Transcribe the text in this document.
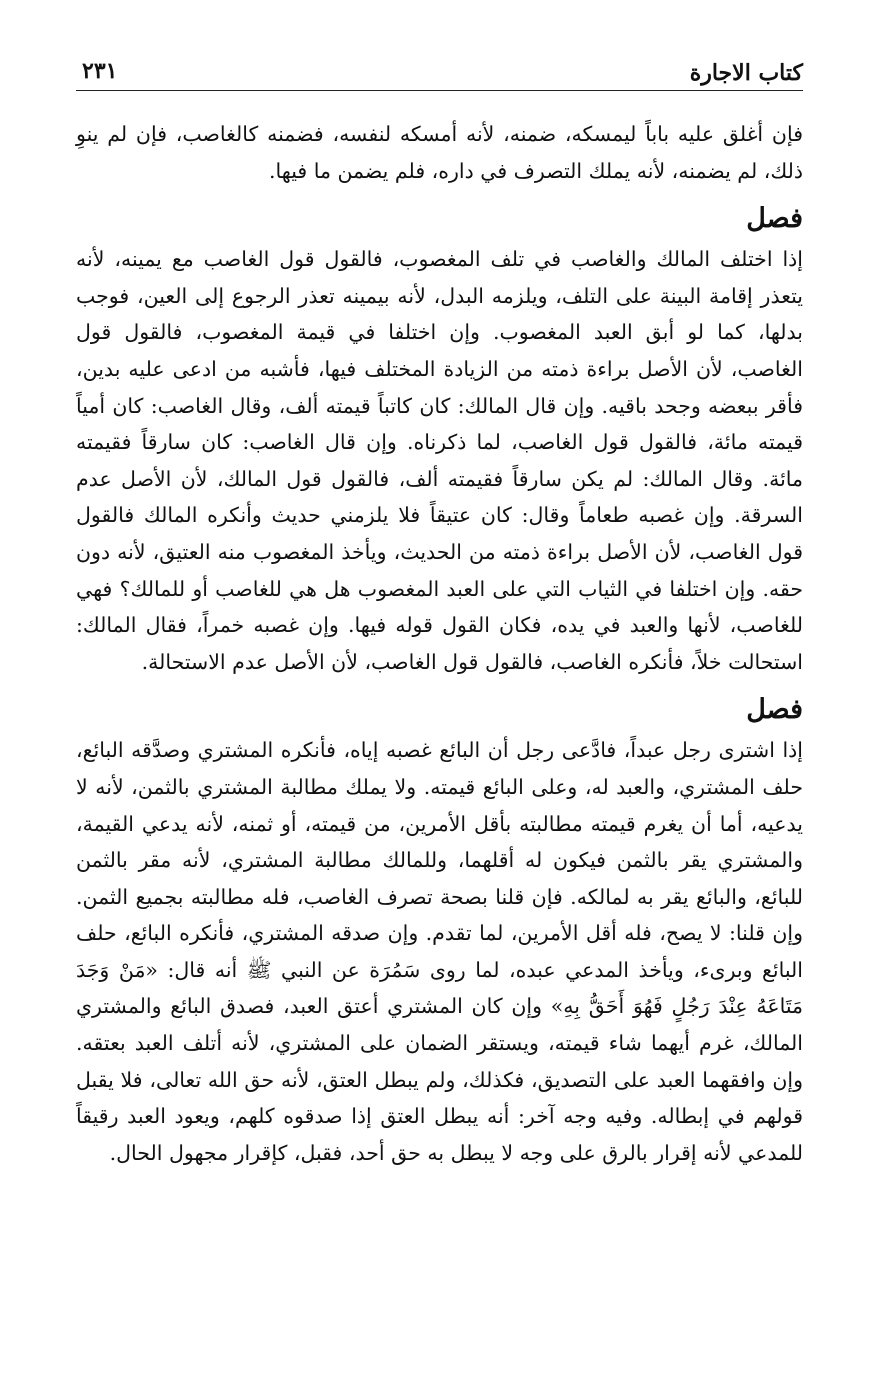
كتاب الاجارة
٢٣١

فإن أغلق عليه باباً ليمسكه، ضمنه، لأنه أمسكه لنفسه، فضمنه كالغاصب، فإن لم ينوِ ذلك، لم يضمنه، لأنه يملك التصرف في داره، فلم يضمن ما فيها.

فصل

إذا اختلف المالك والغاصب في تلف المغصوب، فالقول قول الغاصب مع يمينه، لأنه يتعذر إقامة البينة على التلف، ويلزمه البدل، لأنه بيمينه تعذر الرجوع إلى العين، فوجب بدلها، كما لو أبق العبد المغصوب. وإن اختلفا في قيمة المغصوب، فالقول قول الغاصب، لأن الأصل براءة ذمته من الزيادة المختلف فيها، فأشبه من ادعى عليه بدين، فأقر ببعضه وجحد باقيه. وإن قال المالك: كان كاتباً قيمته ألف، وقال الغاصب: كان أمياً قيمته مائة، فالقول قول الغاصب، لما ذكرناه. وإن قال الغاصب: كان سارقاً فقيمته مائة. وقال المالك: لم يكن سارقاً فقيمته ألف، فالقول قول المالك، لأن الأصل عدم السرقة. وإن غصبه طعاماً وقال: كان عتيقاً فلا يلزمني حديث وأنكره المالك فالقول قول الغاصب، لأن الأصل براءة ذمته من الحديث، ويأخذ المغصوب منه العتيق، لأنه دون حقه. وإن اختلفا في الثياب التي على العبد المغصوب هل هي للغاصب أو للمالك؟ فهي للغاصب، لأنها والعبد في يده، فكان القول قوله فيها. وإن غصبه خمراً، فقال المالك: استحالت خلاً، فأنكره الغاصب، فالقول قول الغاصب، لأن الأصل عدم الاستحالة.

فصل

إذا اشترى رجل عبداً، فادَّعى رجل أن البائع غصبه إياه، فأنكره المشتري وصدَّقه البائع، حلف المشتري، والعبد له، وعلى البائع قيمته. ولا يملك مطالبة المشتري بالثمن، لأنه لا يدعيه، أما أن يغرم قيمته مطالبته بأقل الأمرين، من قيمته، أو ثمنه، لأنه يدعي القيمة، والمشتري يقر بالثمن فيكون له أقلهما، وللمالك مطالبة المشتري، لأنه مقر بالثمن للبائع، والبائع يقر به لمالكه. فإن قلنا بصحة تصرف الغاصب، فله مطالبته بجميع الثمن. وإن قلنا: لا يصح، فله أقل الأمرين، لما تقدم. وإن صدقه المشتري، فأنكره البائع، حلف البائع وبرىء، ويأخذ المدعي عبده، لما روى سَمُرَة عن النبي ﷺ أنه قال: «مَنْ وَجَدَ مَتَاعَهُ عِنْدَ رَجُلٍ فَهُوَ أَحَقُّ بِهِ» وإن كان المشتري أعتق العبد، فصدق البائع والمشتري المالك، غرم أيهما شاء قيمته، ويستقر الضمان على المشتري، لأنه أتلف العبد بعتقه. وإن وافقهما العبد على التصديق، فكذلك، ولم يبطل العتق، لأنه حق الله تعالى، فلا يقبل قولهم في إبطاله. وفيه وجه آخر: أنه يبطل العتق إذا صدقوه كلهم، ويعود العبد رقيقاً للمدعي لأنه إقرار بالرق على وجه لا يبطل به حق أحد، فقبل، كإقرار مجهول الحال.
